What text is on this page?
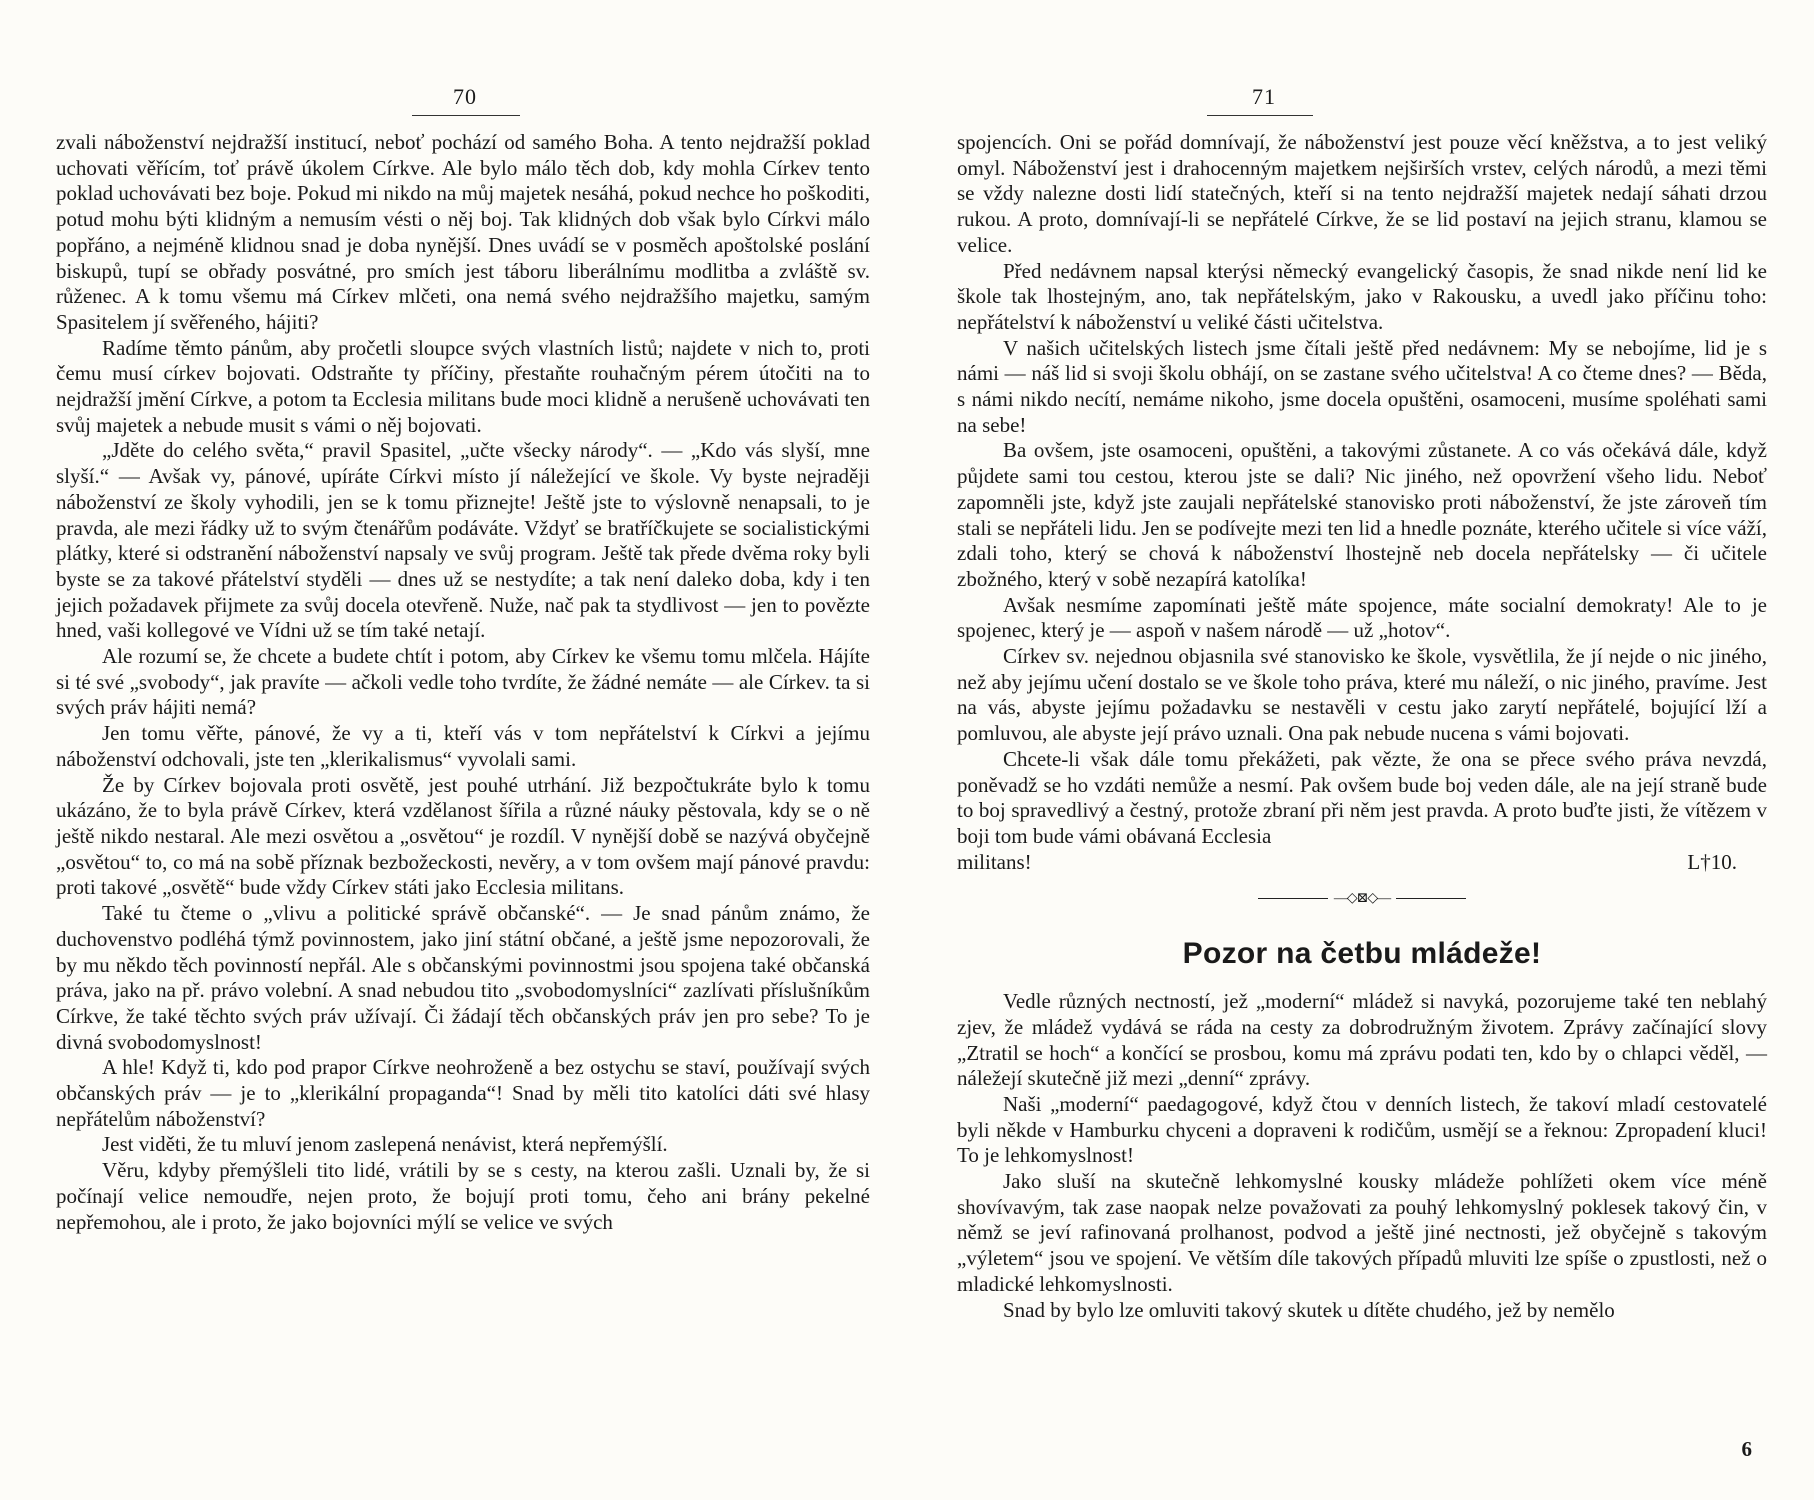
70

zvali náboženství nejdražší institucí, neboť pochází od samého Boha. A tento nejdražší poklad uchovati věřícím, toť právě úkolem Církve. Ale bylo málo těch dob, kdy mohla Církev tento poklad uchovávati bez boje. Pokud mi nikdo na můj majetek nesáhá, pokud nechce ho poškoditi, potud mohu býti klidným a nemusím vésti o něj boj. Tak klidných dob však bylo Církvi málo popřáno, a nejméně klidnou snad je doba nynější. Dnes uvádí se v posměch apoštolské poslání biskupů, tupí se obřady posvátné, pro smích jest táboru liberálnímu modlitba a zvláště sv. růženec. A k tomu všemu má Církev mlčeti, ona nemá svého nejdražšího majetku, samým Spasitelem jí svěřeného, hájiti?

Radíme těmto pánům, aby pročetli sloupce svých vlastních listů; najdete v nich to, proti čemu musí církev bojovati. Odstraňte ty příčiny, přestaňte rouhačným pérem útočiti na to nejdražší jmění Církve, a potom ta Ecclesia militans bude moci klidně a nerušeně uchovávati ten svůj majetek a nebude musit s vámi o něj bojovati.

„Jděte do celého světa,“ pravil Spasitel, „učte všecky národy“. — „Kdo vás slyší, mne slyší.“ — Avšak vy, pánové, upíráte Církvi místo jí náležející ve škole. Vy byste nejraději náboženství ze školy vyhodili, jen se k tomu přiznejte! Ještě jste to výslovně nenapsali, to je pravda, ale mezi řádky už to svým čtenářům podáváte. Vždyť se bratříčkujete se socialistickými plátky, které si odstranění náboženství napsaly ve svůj program. Ještě tak přede dvěma roky byli byste se za takové přátelství styděli — dnes už se nestydíte; a tak není daleko doba, kdy i ten jejich požadavek přijmete za svůj docela otevřeně. Nuže, nač pak ta stydlivost — jen to povězte hned, vaši kollegové ve Vídni už se tím také netají.

Ale rozumí se, že chcete a budete chtít i potom, aby Církev ke všemu tomu mlčela. Hájíte si té své „svobody“, jak pravíte — ačkoli vedle toho tvrdíte, že žádné nemáte — ale Církev. ta si svých práv hájiti nemá?

Jen tomu věřte, pánové, že vy a ti, kteří vás v tom nepřátelství k Církvi a jejímu náboženství odchovali, jste ten „klerikalismus“ vyvolali sami.

Že by Církev bojovala proti osvětě, jest pouhé utrhání. Již bezpočtukráte bylo k tomu ukázáno, že to byla právě Církev, která vzdělanost šířila a různé náuky pěstovala, kdy se o ně ještě nikdo nestaral. Ale mezi osvětou a „osvětou“ je rozdíl. V nynější době se nazývá obyčejně „osvětou“ to, co má na sobě příznak bezbožeckosti, nevěry, a v tom ovšem mají pánové pravdu: proti takové „osvětě“ bude vždy Církev státi jako Ecclesia militans.

Také tu čteme o „vlivu a politické správě občanské“. — Je snad pánům známo, že duchovenstvo podléhá týmž povinnostem, jako jiní státní občané, a ještě jsme nepozorovali, že by mu někdo těch povinností nepřál. Ale s občanskými povinnostmi jsou spojena také občanská práva, jako na př. právo volební. A snad nebudou tito „svobodomyslníci“ zazlívati příslušníkům Církve, že také těchto svých práv užívají. Či žádají těch občanských práv jen pro sebe? To je divná svobodomyslnost!

A hle! Když ti, kdo pod prapor Církve neohroženě a bez ostychu se staví, používají svých občanských práv — je to „klerikální propaganda“! Snad by měli tito katolíci dáti své hlasy nepřátelům náboženství?

Jest viděti, že tu mluví jenom zaslepená nenávist, která nepřemýšlí.

Věru, kdyby přemýšleli tito lidé, vrátili by se s cesty, na kterou zašli. Uznali by, že si počínají velice nemoudře, nejen proto, že bojují proti tomu, čeho ani brány pekelné nepřemohou, ale i proto, že jako bojovníci mýlí se velice ve svých

71

spojencích. Oni se pořád domnívají, že náboženství jest pouze věcí kněžstva, a to jest veliký omyl. Náboženství jest i drahocenným majetkem nejširších vrstev, celých národů, a mezi těmi se vždy nalezne dosti lidí statečných, kteří si na tento nejdražší majetek nedají sáhati drzou rukou. A proto, domnívají-li se nepřátelé Církve, že se lid postaví na jejich stranu, klamou se velice.

Před nedávnem napsal kterýsi německý evangelický časopis, že snad nikde není lid ke škole tak lhostejným, ano, tak nepřátelským, jako v Rakousku, a uvedl jako příčinu toho: nepřátelství k náboženství u veliké části učitelstva.

V našich učitelských listech jsme čítali ještě před nedávnem: My se nebojíme, lid je s námi — náš lid si svoji školu obhájí, on se zastane svého učitelstva! A co čteme dnes? — Běda, s námi nikdo necítí, nemáme nikoho, jsme docela opuštěni, osamoceni, musíme spoléhati sami na sebe!

Ba ovšem, jste osamoceni, opuštěni, a takovými zůstanete. A co vás očekává dále, když půjdete sami tou cestou, kterou jste se dali? Nic jiného, než opovržení všeho lidu. Neboť zapomněli jste, když jste zaujali nepřátelské stanovisko proti náboženství, že jste zároveň tím stali se nepřáteli lidu. Jen se podívejte mezi ten lid a hnedle poznáte, kterého učitele si více váží, zdali toho, který se chová k náboženství lhostejně neb docela nepřátelsky — či učitele zbožného, který v sobě nezapírá katolíka!

Avšak nesmíme zapomínati ještě máte spojence, máte socialní demokraty! Ale to je spojenec, který je — aspoň v našem národě — už „hotov“.

Církev sv. nejednou objasnila své stanovisko ke škole, vysvětlila, že jí nejde o nic jiného, než aby jejímu učení dostalo se ve škole toho práva, které mu náleží, o nic jiného, pravíme. Jest na vás, abyste jejímu požadavku se nestavěli v cestu jako zarytí nepřátelé, bojující lží a pomluvou, ale abyste její právo uznali. Ona pak nebude nucena s vámi bojovati.

Chcete-li však dále tomu překážeti, pak vězte, že ona se přece svého práva nevzdá, poněvadž se ho vzdáti nemůže a nesmí. Pak ovšem bude boj veden dále, ale na její straně bude to boj spravedlivý a čestný, protože zbraní při něm jest pravda. A proto buďte jisti, že vítězem v boji tom bude vámi obávaná Ecclesia

militans!	L†10.
—◇⊠◇—
Pozor na četbu mládeže!

Vedle různých nectností, jež „moderní“ mládež si navyká, pozorujeme také ten neblahý zjev, že mládež vydává se ráda na cesty za dobrodružným životem. Zprávy začínající slovy „Ztratil se hoch“ a končící se prosbou, komu má zprávu podati ten, kdo by o chlapci věděl, — náležejí skutečně již mezi „denní“ zprávy.

Naši „moderní“ paedagogové, když čtou v denních listech, že takoví mladí cestovatelé byli někde v Hamburku chyceni a dopraveni k rodičům, usmějí se a řeknou: Zpropadení kluci! To je lehkomyslnost!

Jako sluší na skutečně lehkomyslné kousky mládeže pohlížeti okem více méně shovívavým, tak zase naopak nelze považovati za pouhý lehkomyslný poklesek takový čin, v němž se jeví rafinovaná prolhanost, podvod a ještě jiné nectnosti, jež obyčejně s takovým „výletem“ jsou ve spojení. Ve větším díle takových případů mluviti lze spíše o zpustlosti, než o mladické lehkomyslnosti.

Snad by bylo lze omluviti takový skutek u dítěte chudého, jež by nemělo

6
